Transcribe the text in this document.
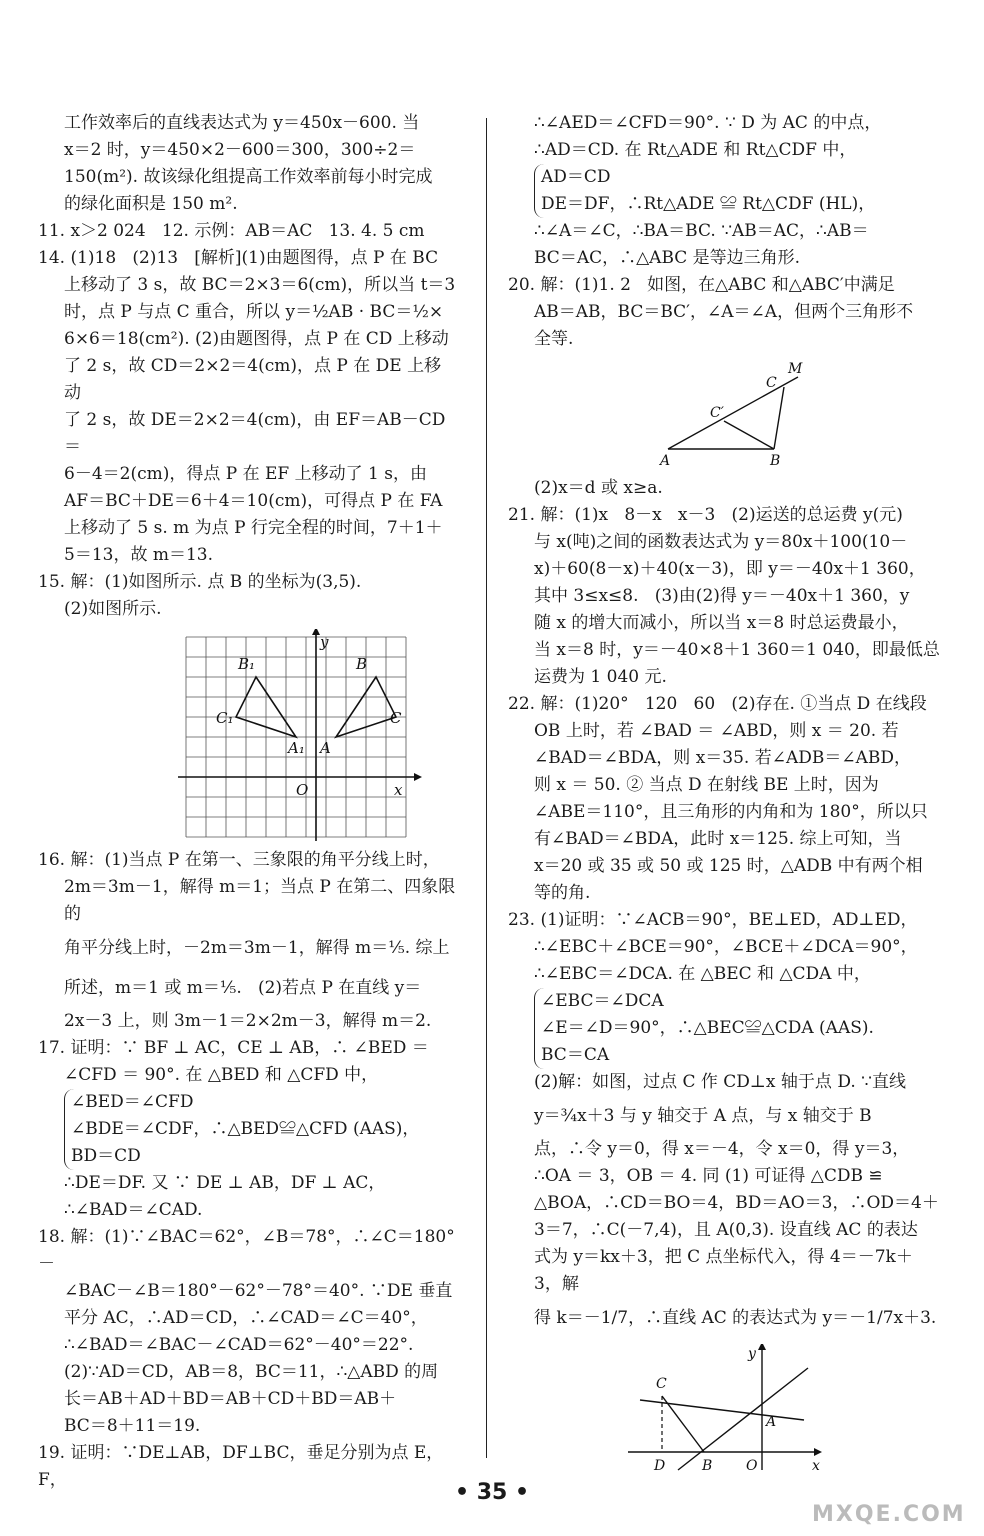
工作效率后的直线表达式为 y＝450x－600. 当

x＝2 时，y＝450×2－600＝300，300÷2＝

150(m²). 故该绿化组提高工作效率前每小时完成

的绿化面积是 150 m².

11. x＞2 024   12. 示例：AB＝AC   13. 4. 5 cm

14. (1)18   (2)13   [解析](1)由题图得，点 P 在 BC

上移动了 3 s，故 BC＝2×3＝6(cm)，所以当 t＝3

时，点 P 与点 C 重合，所以 y＝½AB · BC＝½×

6×6＝18(cm²). (2)由题图得，点 P 在 CD 上移动

了 2 s，故 CD＝2×2＝4(cm)，点 P 在 DE 上移动

了 2 s，故 DE＝2×2＝4(cm)，由 EF＝AB－CD＝

6－4＝2(cm)，得点 P 在 EF 上移动了 1 s，由

AF＝BC＋DE＝6＋4＝10(cm)，可得点 P 在 FA

上移动了 5 s. m 为点 P 行完全程的时间，7＋1＋

5＝13，故 m＝13.

15. 解：(1)如图所示. 点 B 的坐标为(3,5).

(2)如图所示.

B₁	B
C₁	C
A₁ A
O	x
y

16. 解：(1)当点 P 在第一、三象限的角平分线上时，

2m＝3m－1，解得 m＝1；当点 P 在第二、四象限的

角平分线上时，－2m＝3m－1，解得 m＝⅕. 综上

所述，m＝1 或 m＝⅕.   (2)若点 P 在直线 y＝

2x－3 上，则 3m－1＝2×2m－3，解得 m＝2.

17. 证明：∵ BF ⊥ AC，CE ⊥ AB，∴ ∠BED ＝

∠CFD ＝ 90°. 在 △BED 和 △CFD 中，

∠BED＝∠CFD

∠BDE＝∠CDF，∴△BED≌△CFD (AAS)，

BD＝CD

∴DE＝DF. 又 ∵ DE ⊥ AB，DF ⊥ AC，

∴∠BAD＝∠CAD.

18. 解：(1)∵∠BAC＝62°，∠B＝78°，∴∠C＝180°－

∠BAC－∠B＝180°－62°－78°＝40°. ∵DE 垂直

平分 AC，∴AD＝CD，∴∠CAD＝∠C＝40°，

∴∠BAD＝∠BAC－∠CAD＝62°－40°＝22°.

(2)∵AD＝CD，AB＝8，BC＝11，∴△ABD 的周

长＝AB＋AD＋BD＝AB＋CD＋BD＝AB＋

BC＝8＋11＝19.

19. 证明：∵DE⊥AB，DF⊥BC，垂足分别为点 E，F，

∴∠AED＝∠CFD＝90°. ∵ D 为 AC 的中点，

∴AD＝CD. 在 Rt△ADE 和 Rt△CDF 中，

AD＝CD

DE＝DF，∴Rt△ADE ≌ Rt△CDF (HL)，

∴∠A＝∠C，∴BA＝BC. ∵AB＝AC，∴AB＝

BC＝AC，∴△ABC 是等边三角形.

20. 解：(1)1. 2   如图，在△ABC 和△ABC′中满足

AB＝AB，BC＝BC′，∠A＝∠A，但两个三角形不

全等.

A	B
C
C′
M

(2)x＝d 或 x≥a.

21. 解：(1)x   8－x   x－3   (2)运送的总运费 y(元)

与 x(吨)之间的函数表达式为 y＝80x＋100(10－

x)＋60(8－x)＋40(x－3)，即 y＝－40x＋1 360，

其中 3≤x≤8.   (3)由(2)得 y＝－40x＋1 360，y

随 x 的增大而减小，所以当 x＝8 时总运费最小，

当 x＝8 时，y＝－40×8＋1 360＝1 040，即最低总

运费为 1 040 元.

22. 解：(1)20°   120   60   (2)存在. ①当点 D 在线段

OB 上时，若 ∠BAD ＝ ∠ABD，则 x ＝ 20. 若

∠BAD＝∠BDA，则 x＝35. 若∠ADB＝∠ABD，

则 x ＝ 50. ② 当点 D 在射线 BE 上时，因为

∠ABE＝110°，且三角形的内角和为 180°，所以只

有∠BAD＝∠BDA，此时 x＝125. 综上可知，当

x＝20 或 35 或 50 或 125 时，△ADB 中有两个相

等的角.

23. (1)证明：∵∠ACB＝90°，BE⊥ED，AD⊥ED，

∴∠EBC＋∠BCE＝90°，∠BCE＋∠DCA＝90°，

∴∠EBC＝∠DCA. 在 △BEC 和 △CDA 中，

∠EBC＝∠DCA

∠E＝∠D＝90°，∴△BEC≌△CDA (AAS).

BC＝CA

(2)解：如图，过点 C 作 CD⊥x 轴于点 D. ∵直线

y＝¾x＋3 与 y 轴交于 A 点，与 x 轴交于 B

点，∴令 y＝0，得 x＝－4，令 x＝0，得 y＝3，

∴OA ＝ 3，OB ＝ 4. 同 (1) 可证得 △CDB ≌

△BOA，∴CD＝BO＝4，BD＝AO＝3，∴OD＝4＋

3＝7，∴C(－7,4)，且 A(0,3). 设直线 AC 的表达

式为 y＝kx＋3，把 C 点坐标代入，得 4＝－7k＋3，解

得 k＝－1/7，∴直线 AC 的表达式为 y＝－1/7x＋3.

C
A
D	B O	x
y
• 35 •
MXQE.COM
